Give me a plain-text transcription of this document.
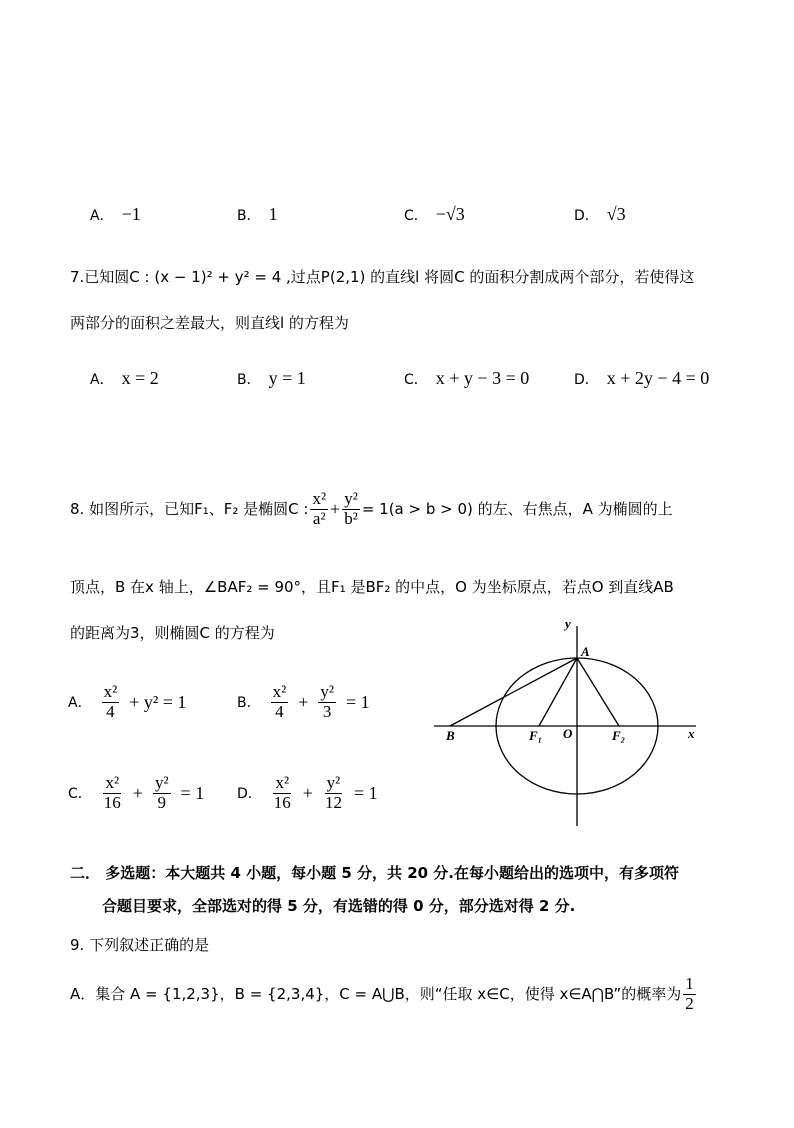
A． −1	B． 1	C． −√3	D． √3
7.已知圆C : (x − 1)² + y² = 4 ,过点P(2,1) 的直线l 将圆C 的面积分割成两个部分，若使得这
两部分的面积之差最大，则直线l 的方程为
A． x = 2	B． y = 1	C． x + y − 3 = 0	D． x + 2y − 4 = 0
8. 如图所示，已知F₁、F₂ 是椭圆C : $\frac{\text{x²}}{\text{a²}} + \frac{\text{y²}}{\text{b²}} = 1(a > b > 0)$ 的左、右焦点，A 为椭圆的上
顶点，B 在x 轴上，∠BAF₂ = 90°，且F₁ 是BF₂ 的中点，O 为坐标原点，若点O 到直线AB
的距离为3，则椭圆C 的方程为
A． $\frac{\text{x²}}{4} + y^2 = 1$	B． $\frac{\text{x²}}{4} + \frac{\text{y²}}{3} = 1$
C． $\frac{\text{x²}}{16} + \frac{\text{y²}}{9} = 1$ D． $\frac{\text{x²}}{16} + \frac{\text{y²}}{12} = 1$
y
x
A
B	F₁ O	F₂
二． 多选题：本大题共 4 小题，每小题 5 分，共 20 分.在每小题给出的选项中，有多项符
合题目要求，全部选对的得 5 分，有选错的得 0 分，部分选对得 2 分.
9. 下列叙述正确的是
A．集合 A = {1,2,3}，B = {2,3,4}，C = A⋃B，则“任取 x∈C，使得 x∈A⋂B”的概率为 $\frac{1}{2}$
